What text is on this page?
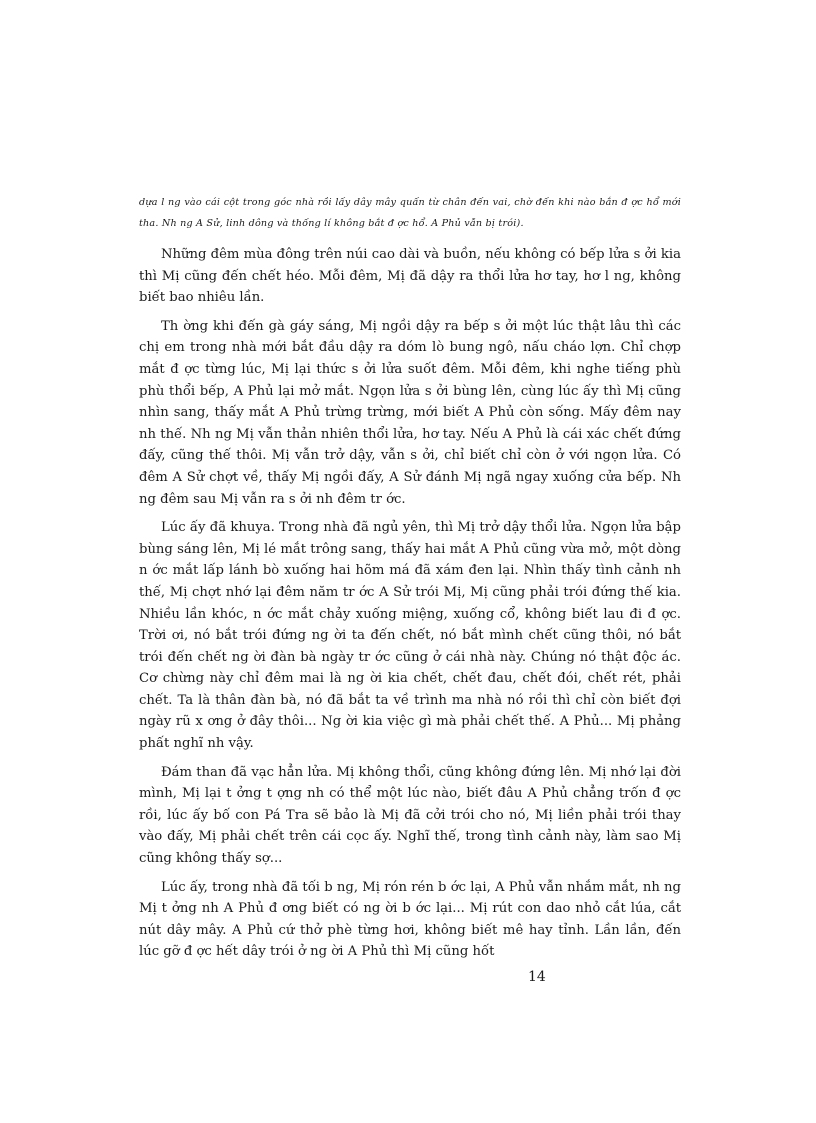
dựa l ng vào cái cột trong góc nhà rồi lấy dây mây quấn từ chân đến vai, chờ đến khi nào bắn đ ợc hổ mới tha. Nh ng A Sử, linh dông và thống lí không bắt đ ợc hổ. A Phủ vẫn bị trói).

Những đêm mùa đông trên núi cao dài và buồn, nếu không có bếp lửa s ởi kia thì Mị cũng đến chết héo. Mỗi đêm, Mị đã dậy ra thổi lửa hơ tay, hơ l ng, không biết bao nhiêu lần.

Th ờng khi đến gà gáy sáng, Mị ngồi dậy ra bếp s ởi một lúc thật lâu thì các chị em trong nhà mới bắt đầu dậy ra dóm lò bung ngô, nấu cháo lợn. Chỉ chợp mắt đ ợc từng lúc, Mị lại thức s ởi lửa suốt đêm. Mỗi đêm, khi nghe tiếng phù phù thổi bếp, A Phủ lại mở mắt. Ngọn lửa s ởi bùng lên, cùng lúc ấy thì Mị cũng nhìn sang, thấy mắt A Phủ trừng trừng, mới biết A Phủ còn sống. Mấy đêm nay nh thế. Nh ng Mị vẫn thản nhiên thổi lửa, hơ tay. Nếu A Phủ là cái xác chết đứng đấy, cũng thế thôi. Mị vẫn trở dậy, vẫn s ởi, chỉ biết chỉ còn ở với ngọn lửa. Có đêm A Sử chợt về, thấy Mị ngồi đấy, A Sử đánh Mị ngã ngay xuống cửa bếp. Nh ng đêm sau Mị vẫn ra s ởi nh đêm tr ớc.

Lúc ấy đã khuya. Trong nhà đã ngủ yên, thì Mị trở dậy thổi lửa. Ngọn lửa bập bùng sáng lên, Mị lé mắt trông sang, thấy hai mắt A Phủ cũng vừa mở, một dòng n ớc mắt lấp lánh bò xuống hai hõm má đã xám đen lại. Nhìn thấy tình cảnh nh thế, Mị chợt nhớ lại đêm năm tr ớc A Sử trói Mị, Mị cũng phải trói đứng thế kia. Nhiều lần khóc, n ớc mắt chảy xuống miệng, xuống cổ, không biết lau đi đ ợc. Trời ơi, nó bắt trói đứng ng ời ta đến chết, nó bắt mình chết cũng thôi, nó bắt trói đến chết ng ời đàn bà ngày tr ớc cũng ở cái nhà này. Chúng nó thật độc ác. Cơ chừng này chỉ đêm mai là ng ời kia chết, chết đau, chết đói, chết rét, phải chết. Ta là thân đàn bà, nó đã bắt ta về trình ma nhà nó rồi thì chỉ còn biết đợi ngày rũ x ơng ở đây thôi... Ng ời kia việc gì mà phải chết thế. A Phủ... Mị phảng phất nghĩ nh vậy.

Đám than đã vạc hẳn lửa. Mị không thổi, cũng không đứng lên. Mị nhớ lại đời mình, Mị lại t ởng t ợng nh có thể một lúc nào, biết đâu A Phủ chẳng trốn đ ợc rồi, lúc ấy bố con Pá Tra sẽ bảo là Mị đã cởi trói cho nó, Mị liền phải trói thay vào đấy, Mị phải chết trên cái cọc ấy. Nghĩ thế, trong tình cảnh này, làm sao Mị cũng không thấy sợ...

Lúc ấy, trong nhà đã tối b ng, Mị rón rén b ớc lại, A Phủ vẫn nhắm mắt, nh ng Mị t ởng nh A Phủ đ ơng biết có ng ời b ớc lại... Mị rút con dao nhỏ cắt lúa, cắt nút dây mây. A Phủ cứ thở phè từng hơi, không biết mê hay tỉnh. Lần lần, đến lúc gỡ đ ợc hết dây trói ở ng ời A Phủ thì Mị cũng hốt

14
